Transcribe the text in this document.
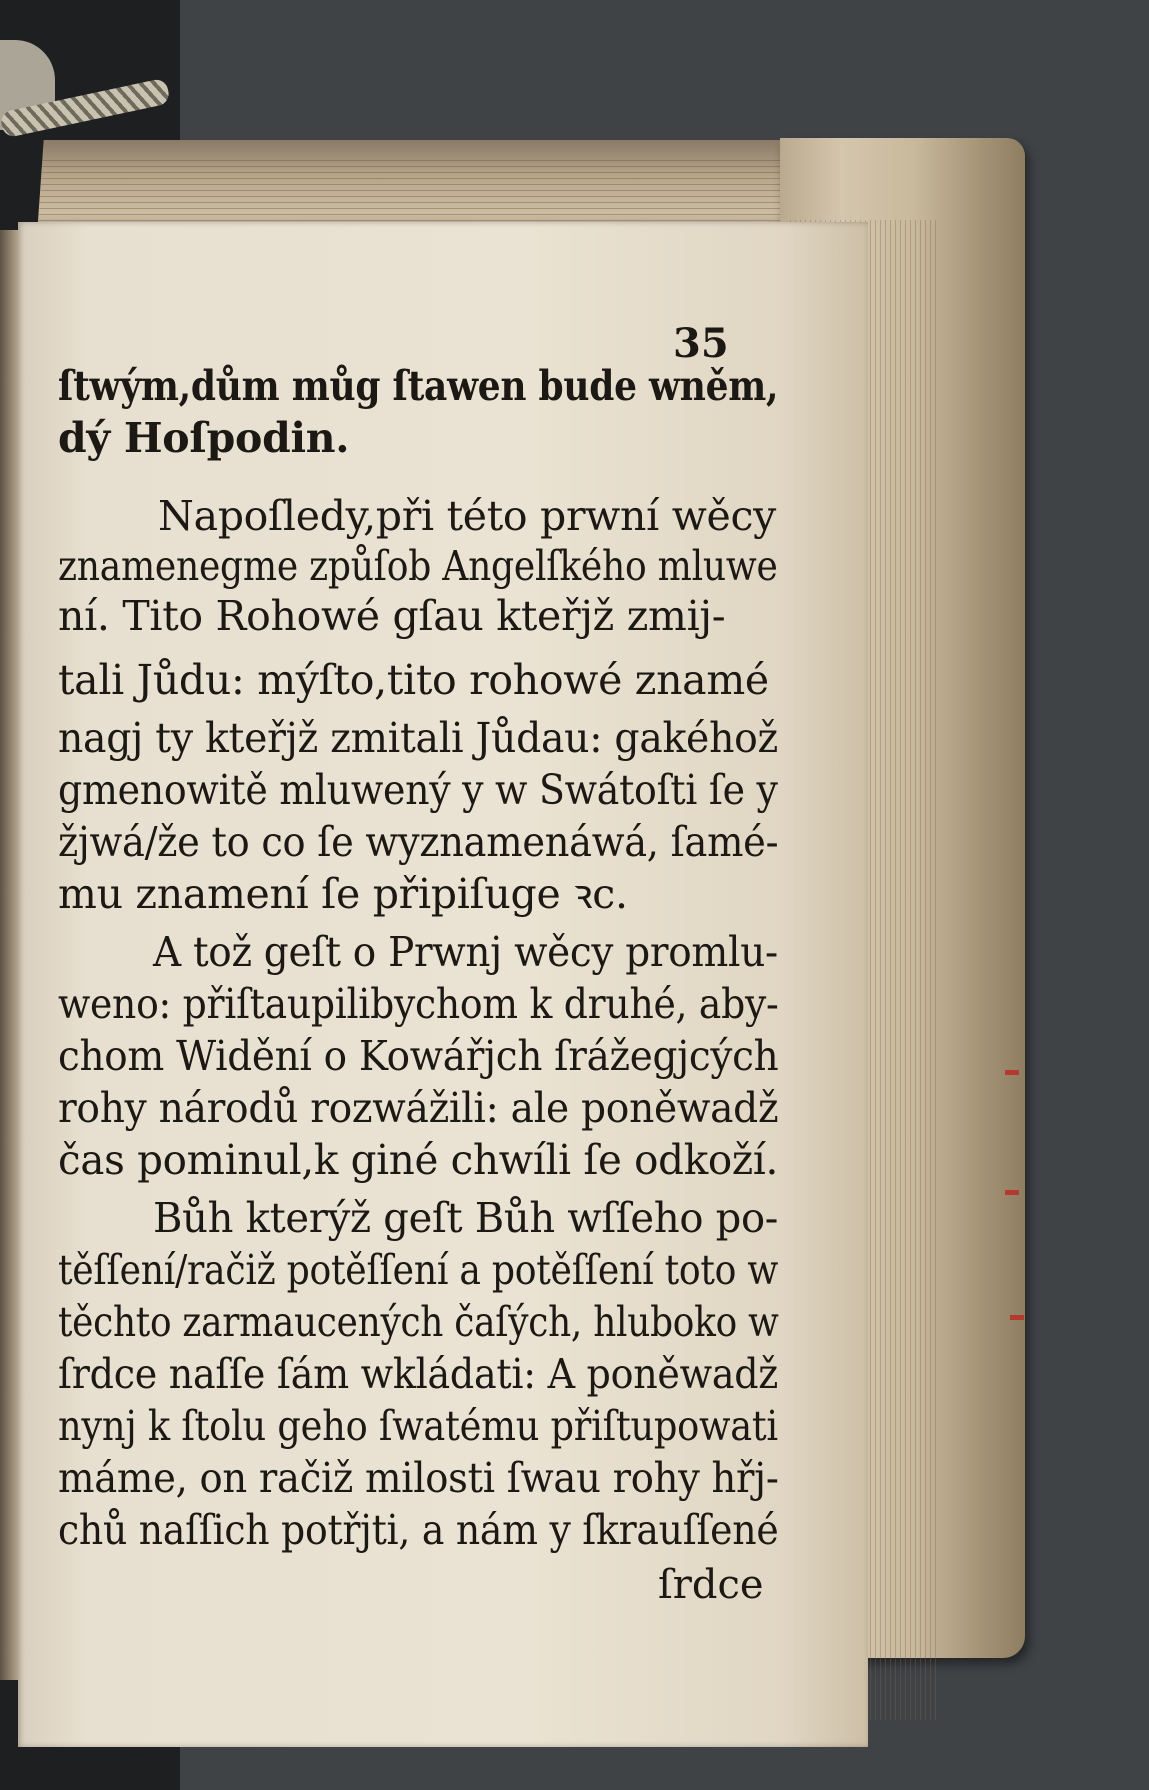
35
ſtwým,dům můg ſtawen bude wněm,
dý Hoſpodin.
Napoſledy,při této prwní wěcy
znamenegme způſob Angelſkého mluwe
ní. Tito Rohowé gſau kteřjž zmij-
tali Jůdu: mýſto,tito rohowé znamé
nagj ty kteřjž zmitali Jůdau: gakéhož
gmenowitě mluwený y w Swátoſti ſe y
žjwá/že to co ſe wyznamenáwá, ſamé-
mu znamení ſe připiſuge ꝛc.
A tož geſt o Prwnj wěcy promlu-
weno: přiſtaupilibychom k druhé, aby-
chom Widění o Kowářjch ſrážegjcých
rohy národů rozwážili: ale poněwadž
čas pominul,k giné chwíli ſe odkoží.
Bůh kterýž geſt Bůh wſſeho po-
těſſení/račiž potěſſení a potěſſení toto w
těchto zarmaucených čaſých, hluboko w
ſrdce naſſe ſám wkládati: A poněwadž
nynj k ſtolu geho ſwatému přiſtupowati
máme, on račiž milosti ſwau rohy hřj-
chů naſſich potřjti, a nám y ſkrauſſené
ſrdce
